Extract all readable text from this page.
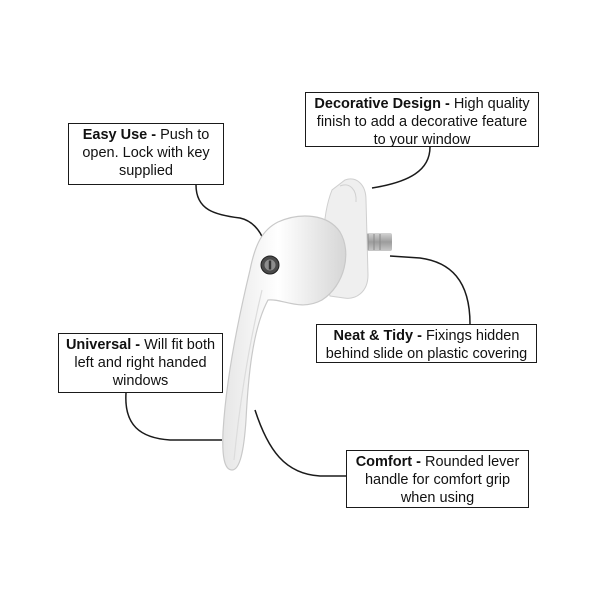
Easy Use - Push to open. Lock with key supplied
Decorative Design - High quality finish to add a decorative feature to your window
Neat & Tidy - Fixings hidden behind slide on plastic covering
Universal - Will fit both left and right handed windows
Comfort - Rounded lever handle for comfort grip when using
